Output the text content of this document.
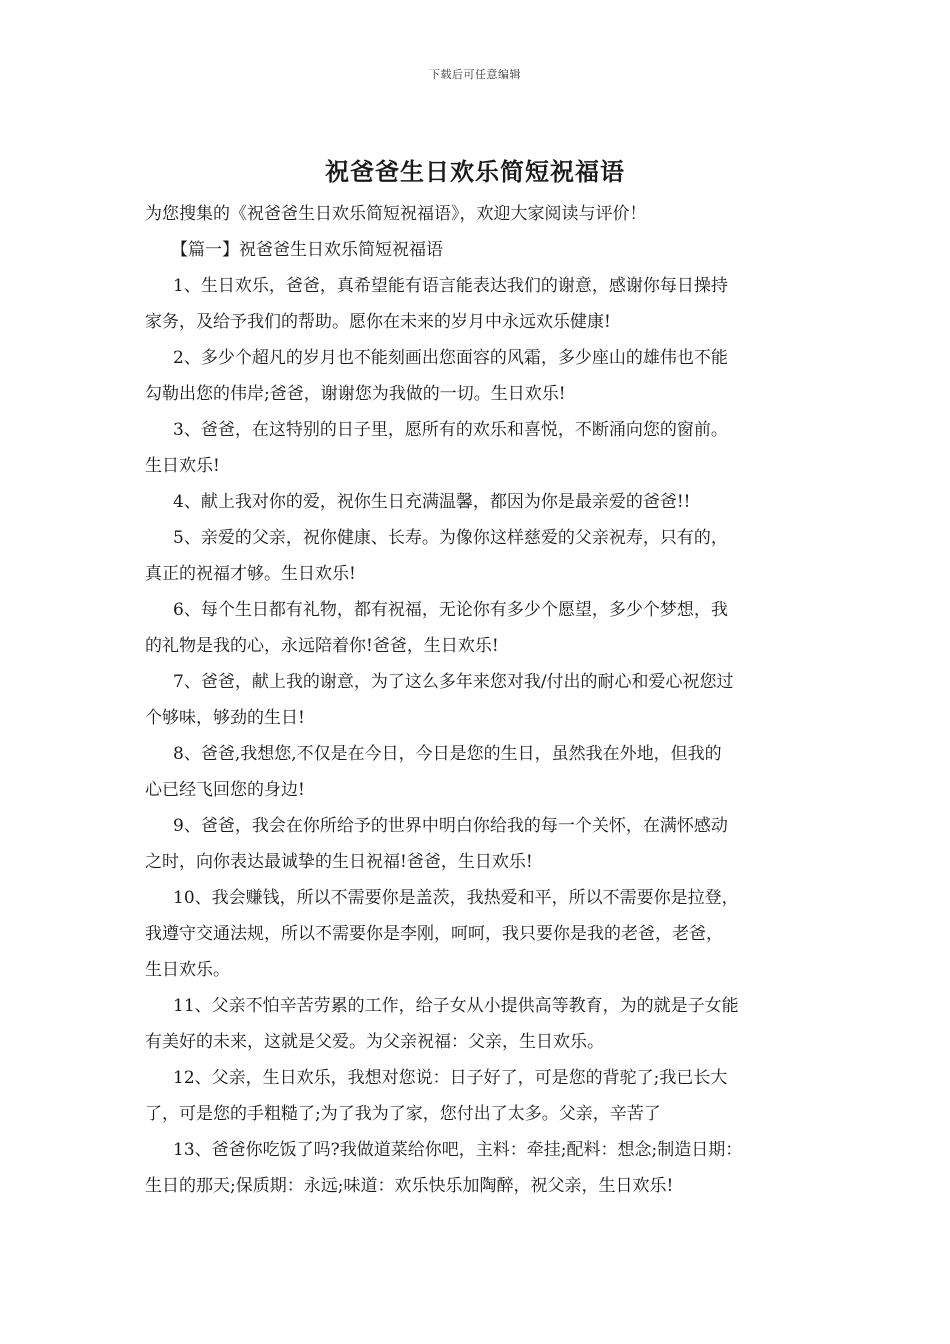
下载后可任意编辑
祝爸爸生日欢乐简短祝福语

为您搜集的《祝爸爸生日欢乐简短祝福语》，欢迎大家阅读与评价！

【篇一】祝爸爸生日欢乐简短祝福语

1、生日欢乐，爸爸，真希望能有语言能表达我们的谢意，感谢你每日操持

家务，及给予我们的帮助。愿你在未来的岁月中永远欢乐健康!

2、多少个超凡的岁月也不能刻画出您面容的风霜，多少座山的雄伟也不能

勾勒出您的伟岸;爸爸，谢谢您为我做的一切。生日欢乐!

3、爸爸，在这特别的日子里，愿所有的欢乐和喜悦，不断涌向您的窗前。

生日欢乐!

4、献上我对你的爱，祝你生日充满温馨，都因为你是最亲爱的爸爸!!

5、亲爱的父亲，祝你健康、长寿。为像你这样慈爱的父亲祝寿，只有的，

真正的祝福才够。生日欢乐!

6、每个生日都有礼物，都有祝福，无论你有多少个愿望，多少个梦想，我

的礼物是我的心，永远陪着你!爸爸，生日欢乐!

7、爸爸，献上我的谢意，为了这么多年来您对我/付出的耐心和爱心祝您过

个够味，够劲的生日!

8、爸爸,我想您,不仅是在今日，今日是您的生日，虽然我在外地，但我的

心已经飞回您的身边!

9、爸爸，我会在你所给予的世界中明白你给我的每一个关怀，在满怀感动

之时，向你表达最诚挚的生日祝福!爸爸，生日欢乐!

10、我会赚钱，所以不需要你是盖茨，我热爱和平，所以不需要你是拉登，

我遵守交通法规，所以不需要你是李刚，呵呵，我只要你是我的老爸，老爸，

生日欢乐。

11、父亲不怕辛苦劳累的工作，给子女从小提供高等教育，为的就是子女能

有美好的未来，这就是父爱。为父亲祝福：父亲，生日欢乐。

12、父亲，生日欢乐，我想对您说：日子好了，可是您的背驼了;我已长大

了，可是您的手粗糙了;为了我为了家，您付出了太多。父亲，辛苦了

13、爸爸你吃饭了吗?我做道菜给你吧，主料：牵挂;配料：想念;制造日期：

生日的那天;保质期：永远;味道：欢乐快乐加陶醉，祝父亲，生日欢乐!
